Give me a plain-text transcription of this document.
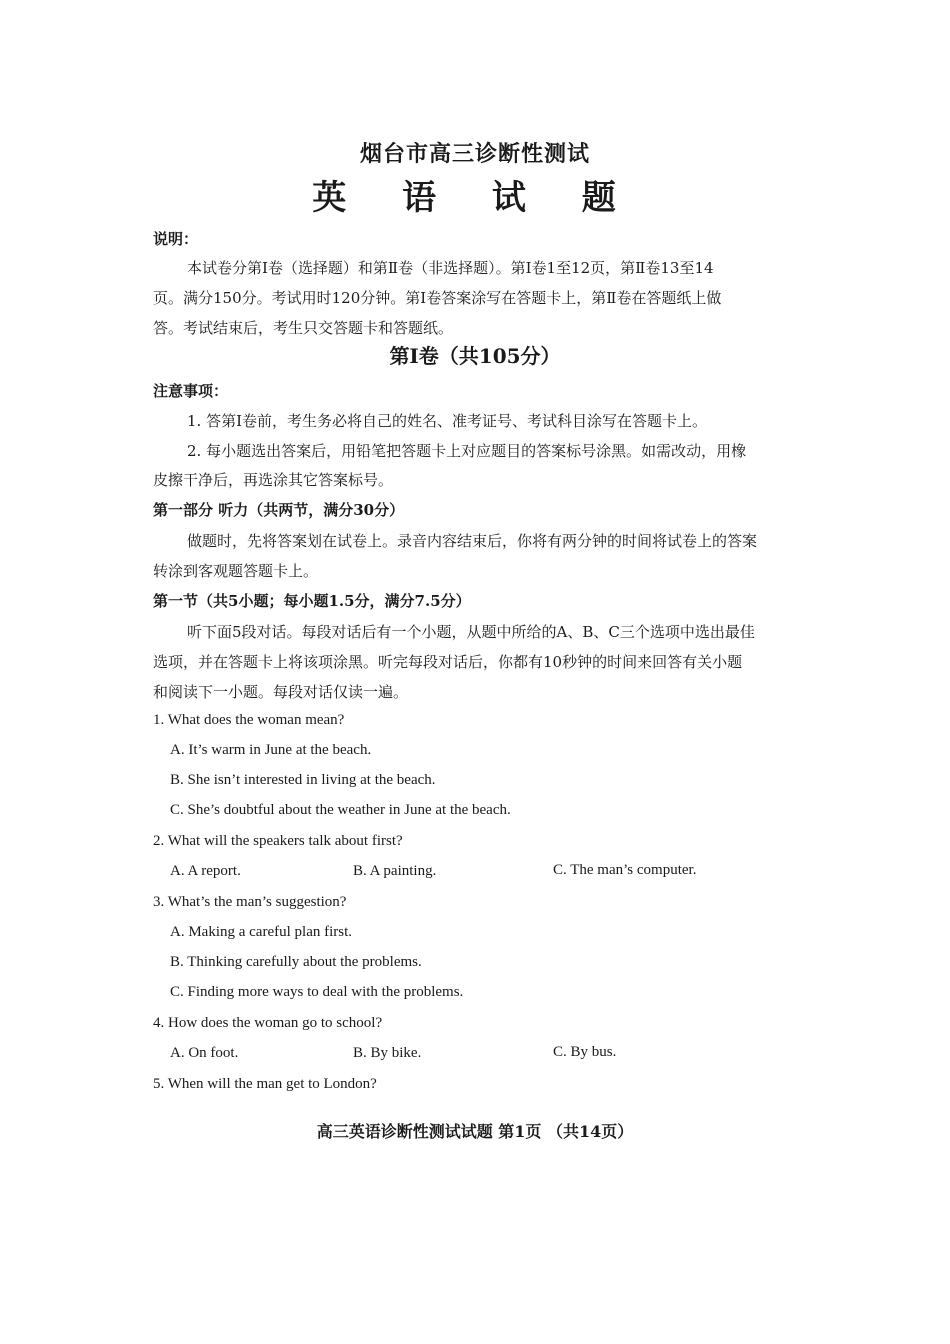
烟台市高三诊断性测试
英 语 试 题
说明：
本试卷分第Ⅰ卷（选择题）和第Ⅱ卷（非选择题）。第Ⅰ卷1至12页，第Ⅱ卷13至14
页。满分150分。考试用时120分钟。第Ⅰ卷答案涂写在答题卡上，第Ⅱ卷在答题纸上做
答。考试结束后，考生只交答题卡和答题纸。
第Ⅰ卷（共105分）
注意事项：
1. 答第Ⅰ卷前，考生务必将自己的姓名、准考证号、考试科目涂写在答题卡上。
2. 每小题选出答案后，用铅笔把答题卡上对应题目的答案标号涂黑。如需改动，用橡
皮擦干净后，再选涂其它答案标号。
第一部分 听力（共两节，满分30分）
做题时，先将答案划在试卷上。录音内容结束后，你将有两分钟的时间将试卷上的答案
转涂到客观题答题卡上。
第一节（共5小题；每小题1.5分，满分7.5分）
听下面5段对话。每段对话后有一个小题，从题中所给的A、B、C三个选项中选出最佳
选项，并在答题卡上将该项涂黑。听完每段对话后，你都有10秒钟的时间来回答有关小题
和阅读下一小题。每段对话仅读一遍。
1. What does the woman mean?
A. It’s warm in June at the beach.
B. She isn’t interested in living at the beach.
C. She’s doubtful about the weather in June at the beach.
2. What will the speakers talk about first?
A. A report.	B. A painting.	C. The man’s computer.
3. What’s the man’s suggestion?
A. Making a careful plan first.
B. Thinking carefully about the problems.
C. Finding more ways to deal with the problems.
4. How does the woman go to school?
A. On foot.	B. By bike.	C. By bus.
5. When will the man get to London?
高三英语诊断性测试试题 第1页 （共14页）
